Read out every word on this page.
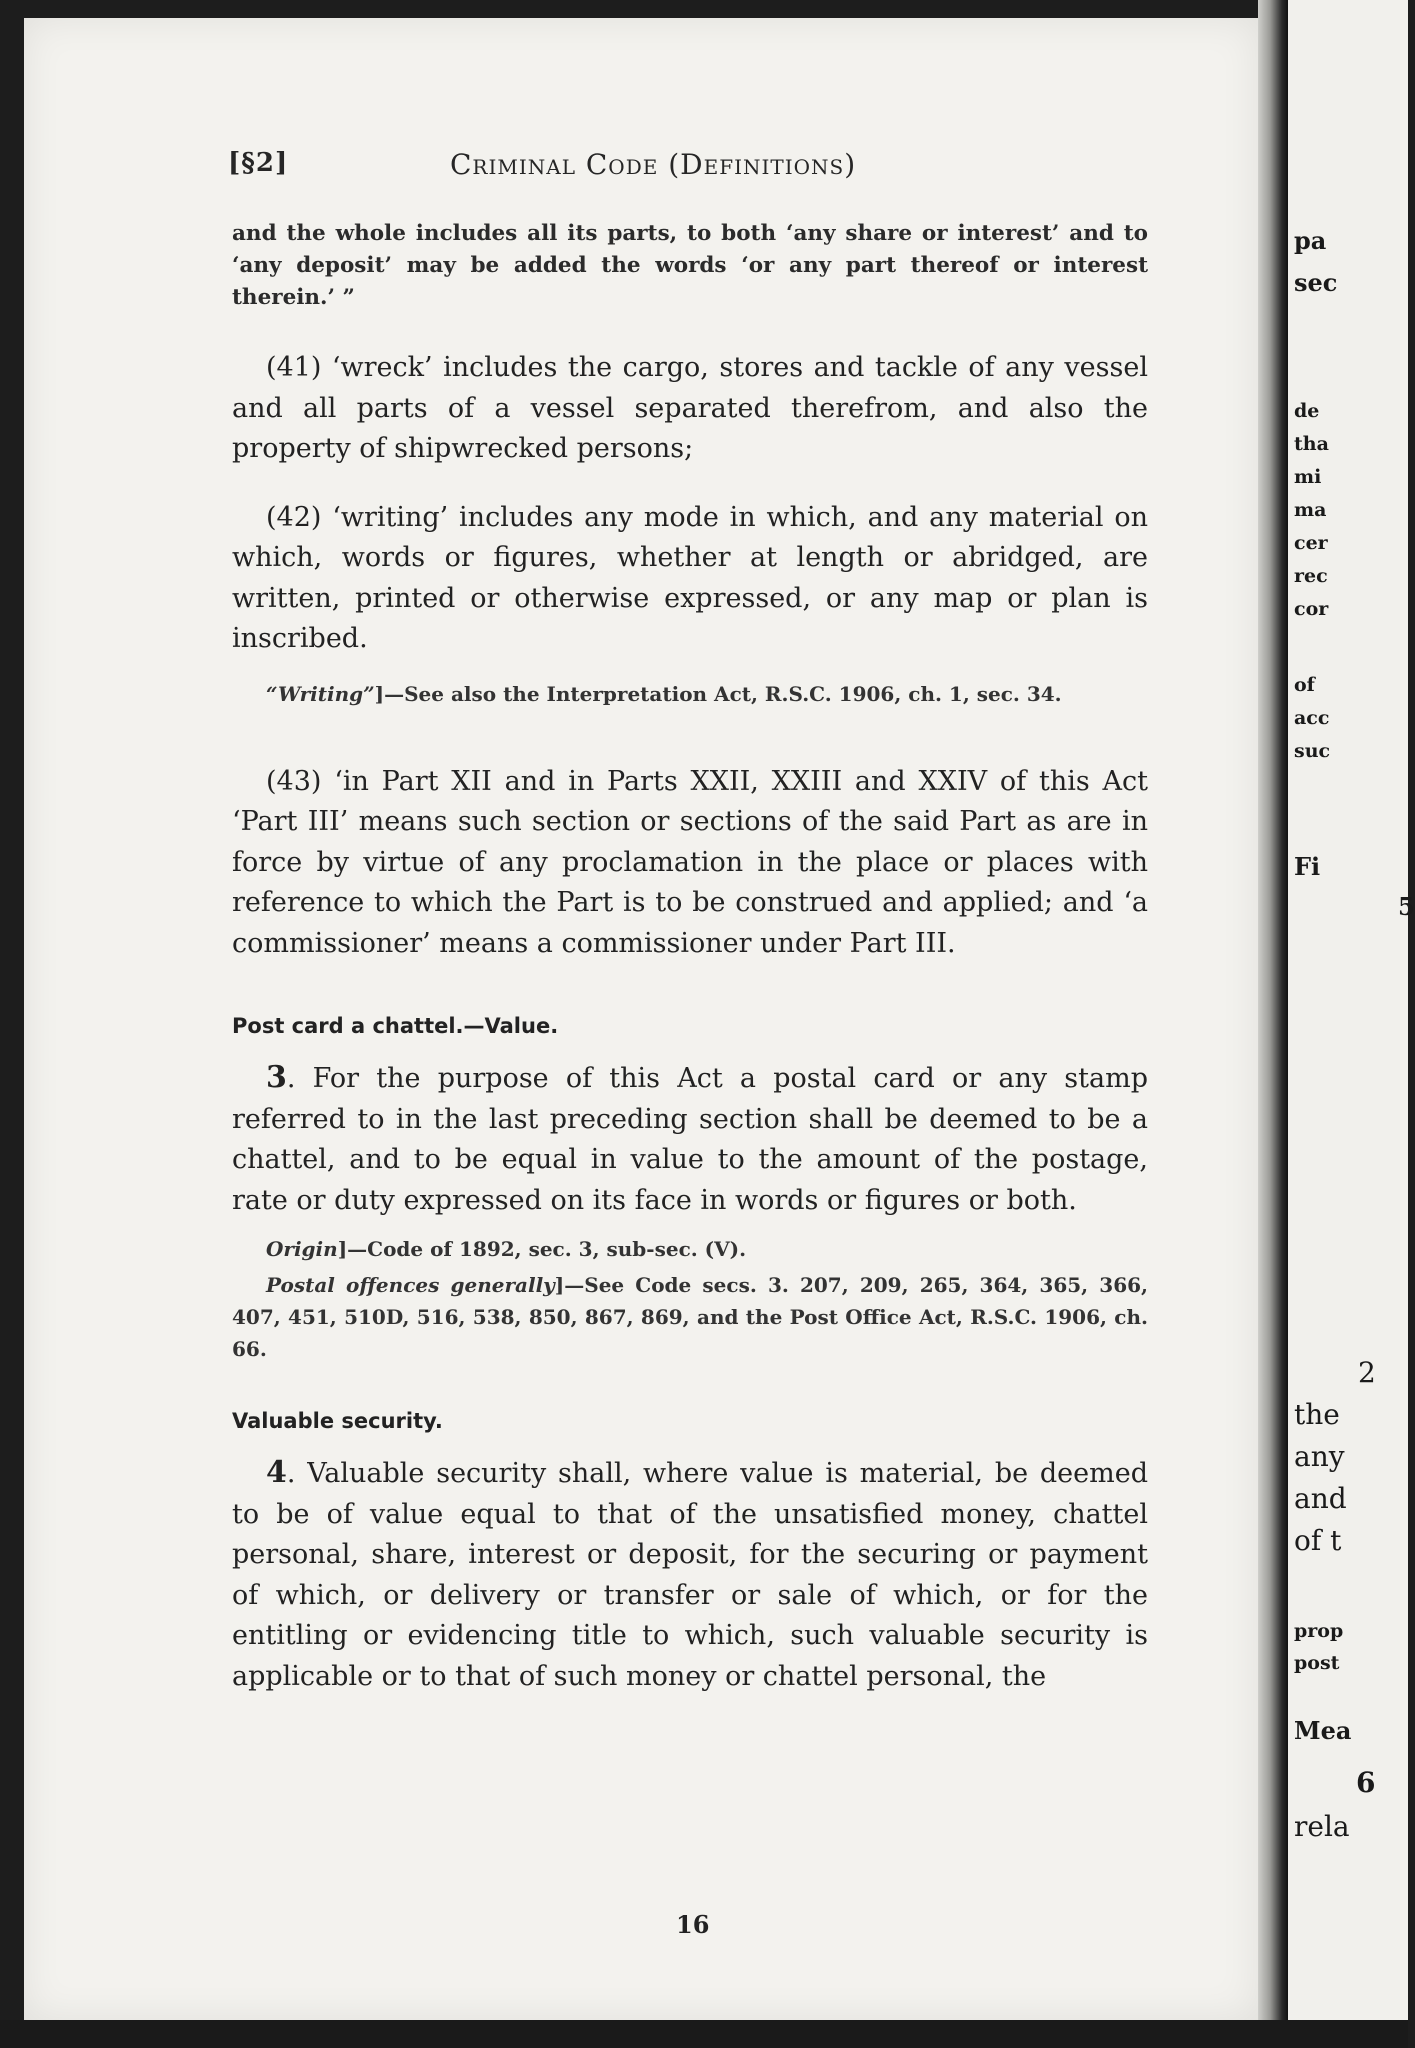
pa
sec
de
tha
mi
ma
cer
rec
cor
of
acc
suc
Fi
5
2
the
any
and
of t
prop
post
Mea
6
rela
[§2]	Criminal Code (Definitions)

and the whole includes all its parts, to both ‘any share or interest’ and to ‘any deposit’ may be added the words ‘or any part thereof or interest therein.’ ”

(41) ‘wreck’ includes the cargo, stores and tackle of any vessel and all parts of a vessel separated therefrom, and also the property of shipwrecked persons;

(42) ‘writing’ includes any mode in which, and any material on which, words or figures, whether at length or abridged, are written, printed or otherwise expressed, or any map or plan is inscribed.

“Writing”]—See also the Interpretation Act, R.S.C. 1906, ch. 1, sec. 34.

(43) ‘in Part XII and in Parts XXII, XXIII and XXIV of this Act ‘Part III’ means such section or sections of the said Part as are in force by virtue of any proclamation in the place or places with reference to which the Part is to be construed and applied; and ‘a commissioner’ means a commissioner under Part III.

Post card a chattel.—Value.

3. For the purpose of this Act a postal card or any stamp referred to in the last preceding section shall be deemed to be a chattel, and to be equal in value to the amount of the postage, rate or duty expressed on its face in words or figures or both.

Origin]—Code of 1892, sec. 3, sub-sec. (V).

Postal offences generally]—See Code secs. 3. 207, 209, 265, 364, 365, 366, 407, 451, 510D, 516, 538, 850, 867, 869, and the Post Office Act, R.S.C. 1906, ch. 66.

Valuable security.

4. Valuable security shall, where value is material, be deemed to be of value equal to that of the unsatisfied money, chattel personal, share, interest or deposit, for the securing or payment of which, or delivery or transfer or sale of which, or for the entitling or evidencing title to which, such valuable security is applicable or to that of such money or chattel personal, the

16
